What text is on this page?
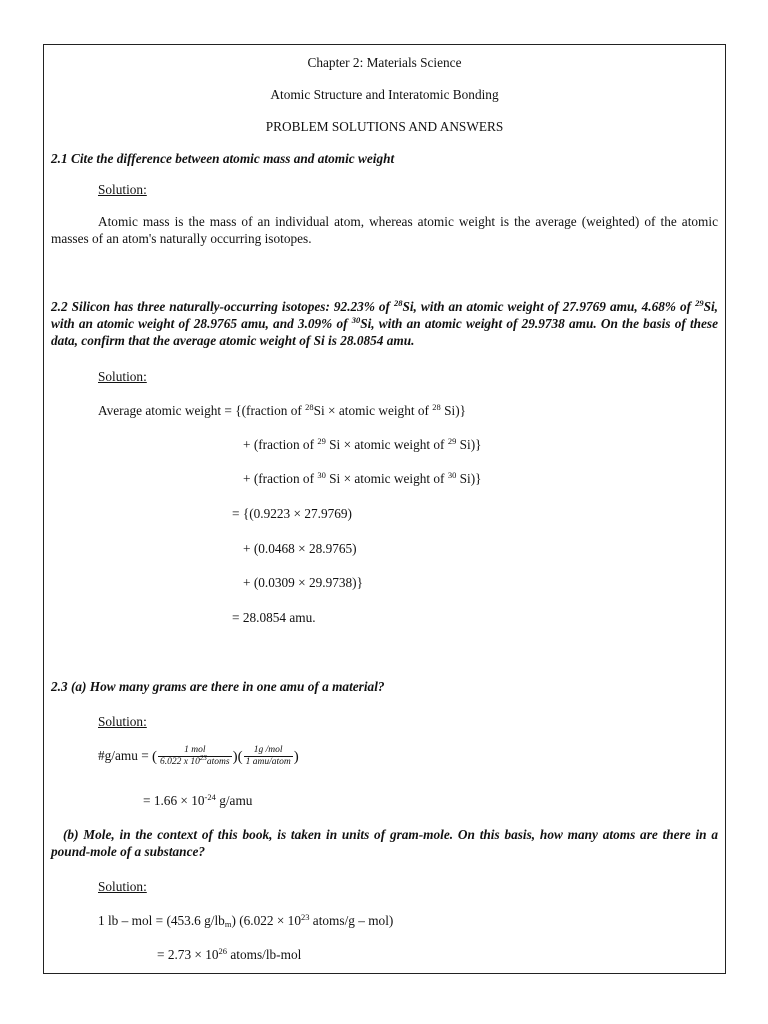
Chapter 2: Materials Science
Atomic Structure and Interatomic Bonding
PROBLEM SOLUTIONS AND ANSWERS
2.1 Cite the difference between atomic mass and atomic weight
Solution:
Atomic mass is the mass of an individual atom, whereas atomic weight is the average (weighted) of the atomic masses of an atom's naturally occurring isotopes.
2.2 Silicon has three naturally-occurring isotopes: 92.23% of $^{28}$Si, with an atomic weight of 27.9769 amu, 4.68% of $^{29}$Si, with an atomic weight of 28.9765 amu, and 3.09% of $^{30}$Si, with an atomic weight of 29.9738 amu. On the basis of these data, confirm that the average atomic weight of Si is 28.0854 amu.
Solution:
Average atomic weight = {(fraction of $^{28}$Si × atomic weight of $^{28}$ Si)}
+ (fraction of $^{29}$ Si × atomic weight of $^{29}$ Si)}
+ (fraction of $^{30}$ Si × atomic weight of $^{30}$ Si)}
= {(0.9223 × 27.9769)
+ (0.0468 × 28.9765)
+ (0.0309 × 29.9738)}
= 28.0854 amu.
2.3 (a) How many grams are there in one amu of a material?
Solution:
#g/amu = ( $\frac{\text{1 mol}}{6.022 x 10^{23}atoms}$ )( $\frac{\text{1g /mol}}{\text{1 amu/atom}}$ )
= $1.66 \times 10^{-24}$ g/amu
(b) Mole, in the context of this book, is taken in units of gram-mole. On this basis, how many atoms are there in a pound-mole of a substance?
Solution:
1 lb – mol = (453.6 $g/lb_m$) ($6.022 \times 10^{23}$ atoms/g – mol)
= $2.73 \times 10^{26}$ atoms/lb-mol
